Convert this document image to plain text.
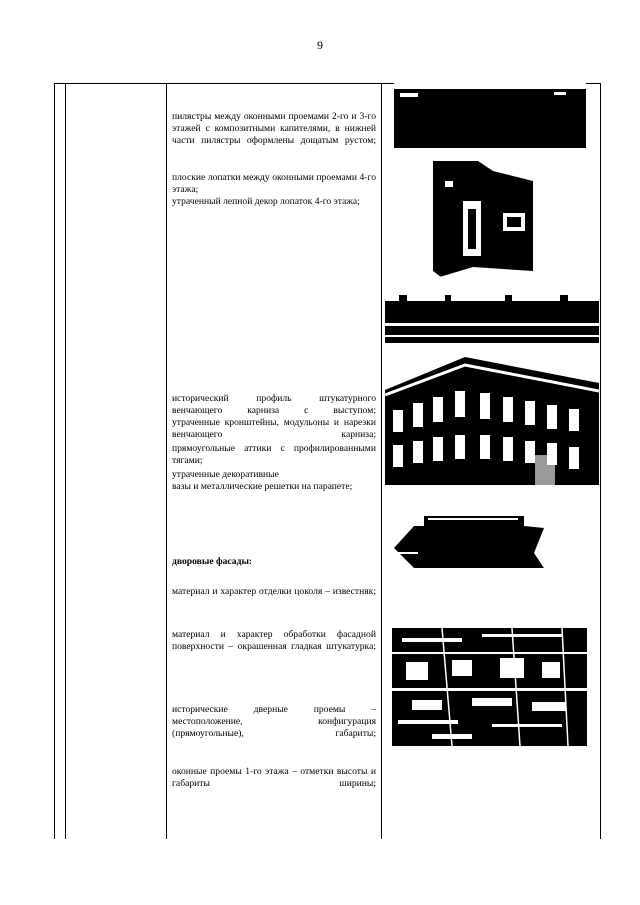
9
пилястры между оконными проемами 2-го и 3-го этажей с композитными капителями, в нижней части пилястры оформлены дощатым рустом;
плоские лопатки между оконными проемами 4-го этажа;
утраченный лепной декор лопаток 4-го этажа;
исторический профиль штукатурного венчающего карниза с выступом;
утраченные кронштейны, модульоны и нарезки венчающего карниза;
прямоугольные аттики с профилированными тягами;
утраченные декоративные
вазы и металлические решетки на парапете;
дворовые фасады:
материал и характер отделки цоколя – известняк;
материал и характер обработки фасадной поверхности – окрашенная гладкая штукатурка;
исторические дверные проемы – местоположение, конфигурация (прямоугольные), габариты;
оконные проемы 1-го этажа – отметки высоты и габариты ширины;
